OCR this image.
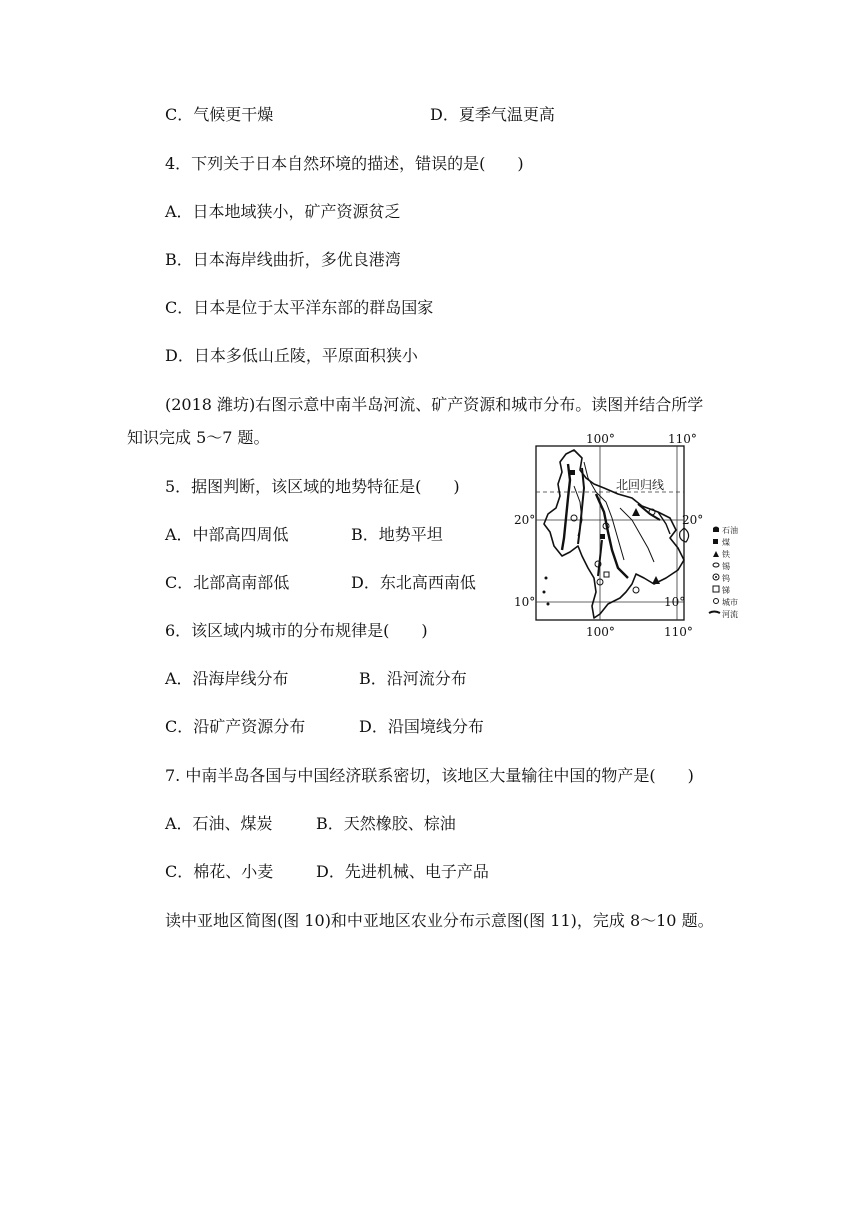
C．气候更干燥	D．夏季气温更高
4．下列关于日本自然环境的描述，错误的是(　　)
A．日本地域狭小，矿产资源贫乏
B．日本海岸线曲折，多优良港湾
C．日本是位于太平洋东部的群岛国家
D．日本多低山丘陵，平原面积狭小
(2018 潍坊)右图示意中南半岛河流、矿产资源和城市分布。读图并结合所学
知识完成 5～7 题。
5．据图判断，该区域的地势特征是(　　)
A．中部高四周低	B．地势平坦
C．北部高南部低	D．东北高西南低
6．该区域内城市的分布规律是(　　)
A．沿海岸线分布	B．沿河流分布
C．沿矿产资源分布	D．沿国境线分布
7. 中南半岛各国与中国经济联系密切，该地区大量输往中国的物产是(　　)
A．石油、煤炭	B．天然橡胶、棕油
C．棉花、小麦	D．先进机械、电子产品
读中亚地区简图(图 10)和中亚地区农业分布示意图(图 11)，完成 8～10 题。
100°	110°
100°	110°
20°	20°
10°	10°
北回归线
石油
煤
铁
锡
钨
锑
城市
河流
